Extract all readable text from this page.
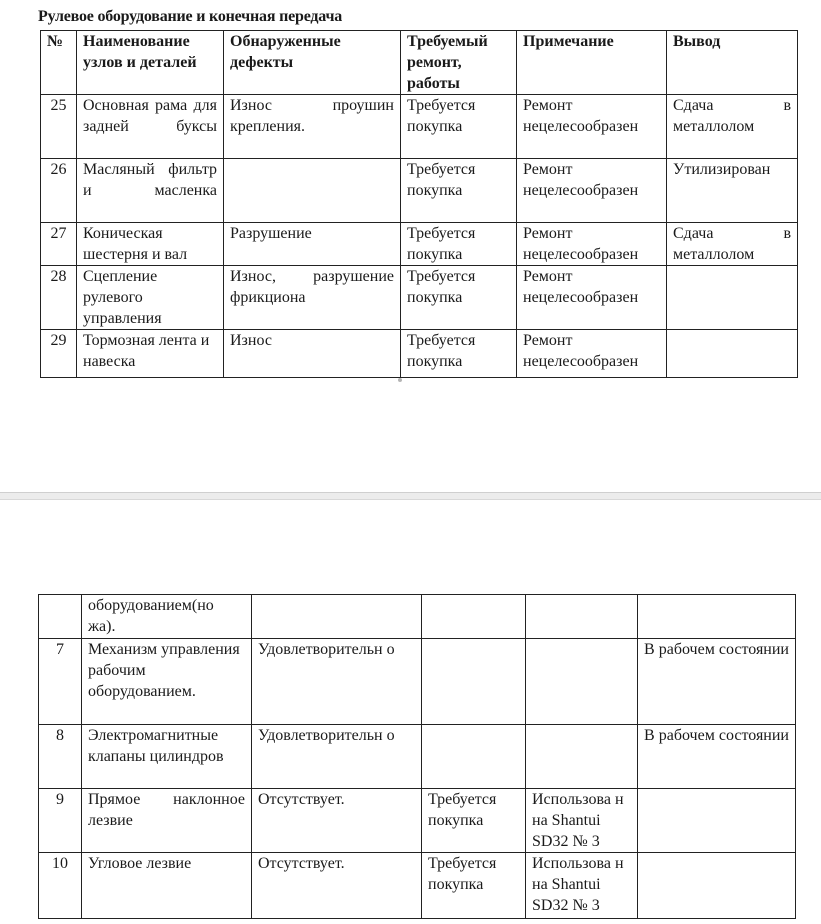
Рулевое оборудование и конечная передача
№	Наименование узлов и деталей	Обнаруженные дефекты	Требуемый ремонт, работы	Примечание	Вывод
25	Основная рама для задней буксы	Износ проушин крепления.	Требуется покупка	Ремонт нецелесообразен	Сдача в металлолом
26	Масляный фильтр и масленка		Требуется покупка	Ремонт нецелесообразен	Утилизирован
27	Коническая шестерня и вал	Разрушение	Требуется покупка	Ремонт нецелесообразен	Сдача в металлолом
28	Сцепление рулевого управления	Износ, разрушение фрикциона	Требуется покупка	Ремонт нецелесообразен	
29	Тормозная лента и навеска	Износ	Требуется покупка	Ремонт нецелесообразен	
	оборудованием(но жа).				
7	Механизм управления рабочим оборудованием.	Удовлетворительн о			В рабочем состоянии
8	Электромагнитные клапаны цилиндров	Удовлетворительн о			В рабочем состоянии
9	Прямое наклонное лезвие	Отсутствует.	Требуется покупка	Использова н на Shantui SD32 № 3	
10	Угловое лезвие	Отсутствует.	Требуется покупка	Использова н на Shantui SD32 № 3	
